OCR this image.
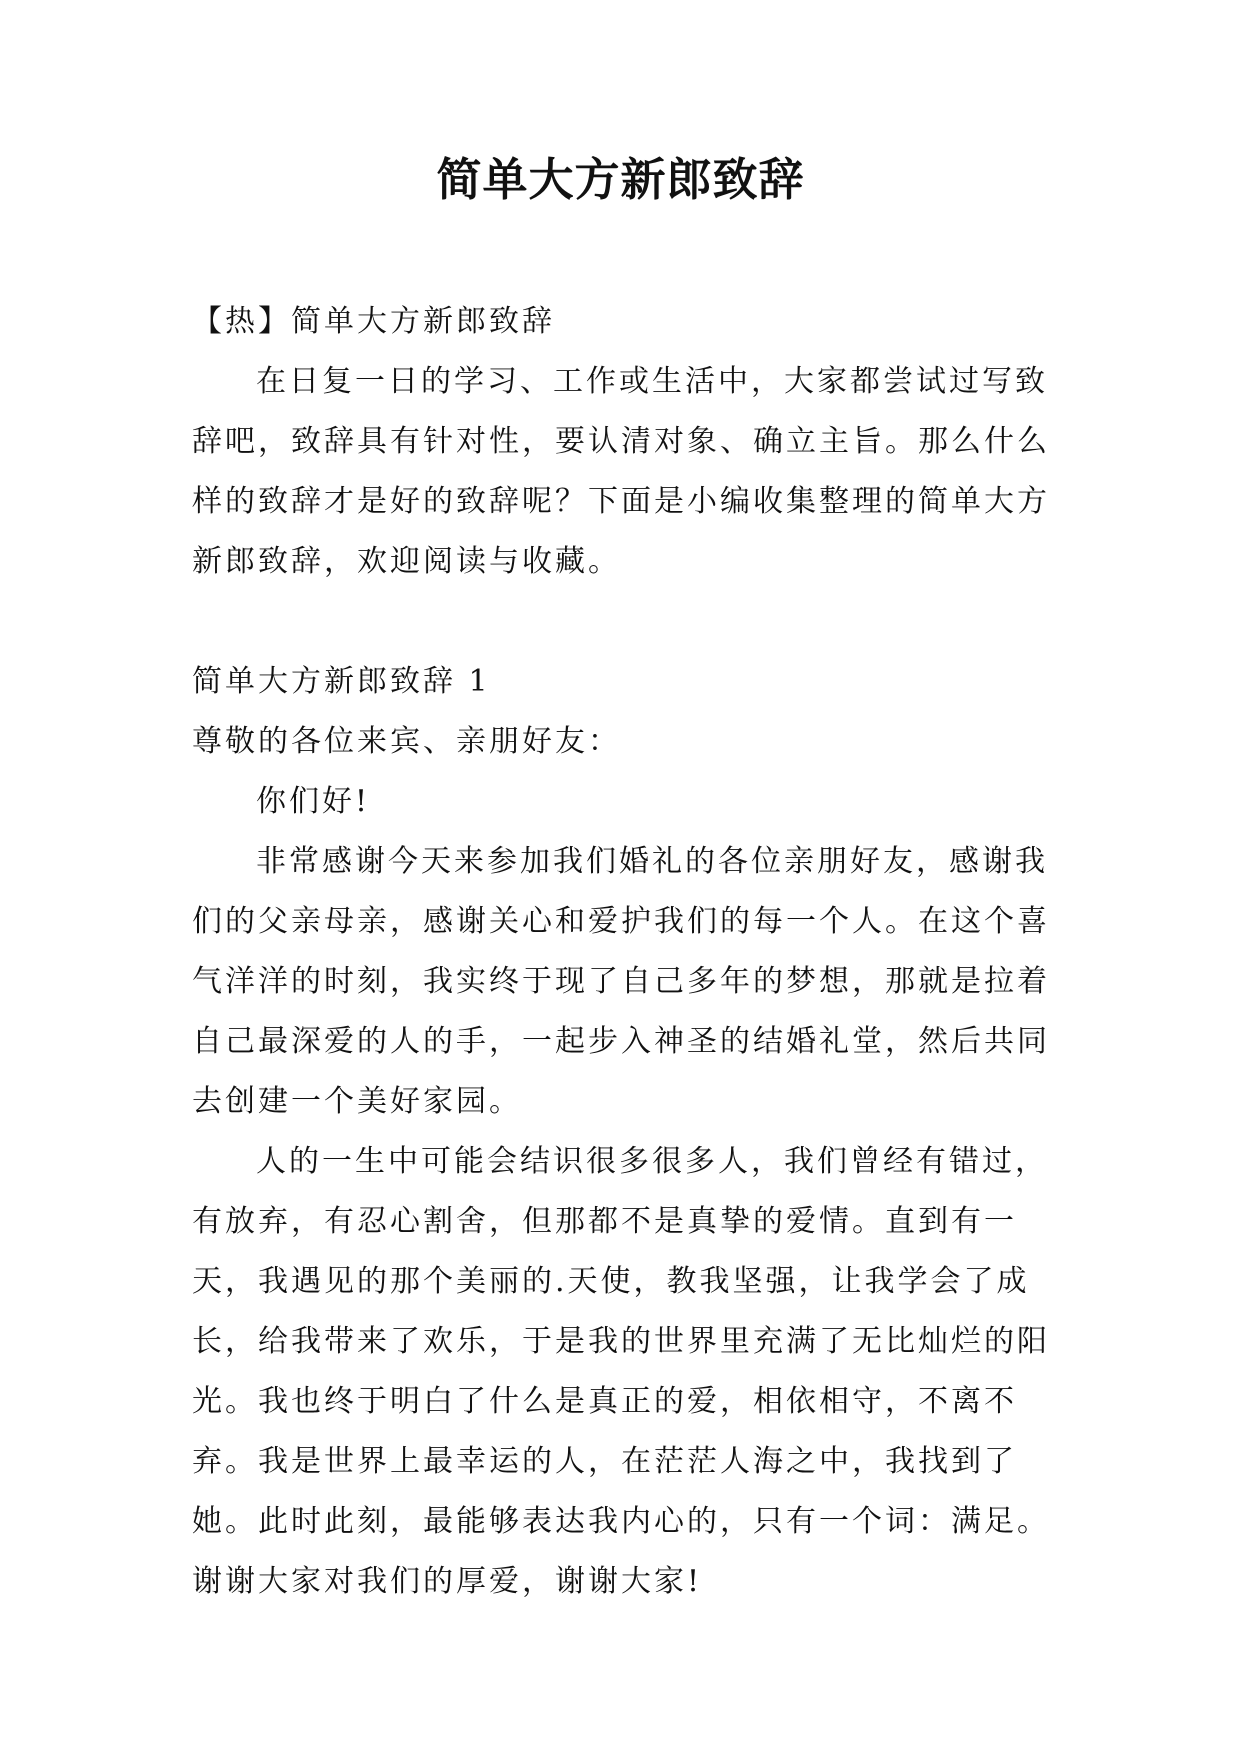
简单大方新郎致辞

【热】简单大方新郎致辞

在日复一日的学习、工作或生活中，大家都尝试过写致辞吧，致辞具有针对性，要认清对象、确立主旨。那么什么样的致辞才是好的致辞呢？下面是小编收集整理的简单大方新郎致辞，欢迎阅读与收藏。

简单大方新郎致辞 1

尊敬的各位来宾、亲朋好友：

你们好!

非常感谢今天来参加我们婚礼的各位亲朋好友，感谢我们的父亲母亲，感谢关心和爱护我们的每一个人。在这个喜气洋洋的时刻，我实终于现了自己多年的梦想，那就是拉着自己最深爱的人的手，一起步入神圣的结婚礼堂，然后共同去创建一个美好家园。

人的一生中可能会结识很多很多人，我们曾经有错过，有放弃，有忍心割舍，但那都不是真挚的爱情。直到有一天，我遇见的那个美丽的.天使，教我坚强，让我学会了成长，给我带来了欢乐，于是我的世界里充满了无比灿烂的阳光。我也终于明白了什么是真正的爱，相依相守，不离不弃。我是世界上最幸运的人，在茫茫人海之中，我找到了她。此时此刻，最能够表达我内心的，只有一个词：满足。谢谢大家对我们的厚爱，谢谢大家!
